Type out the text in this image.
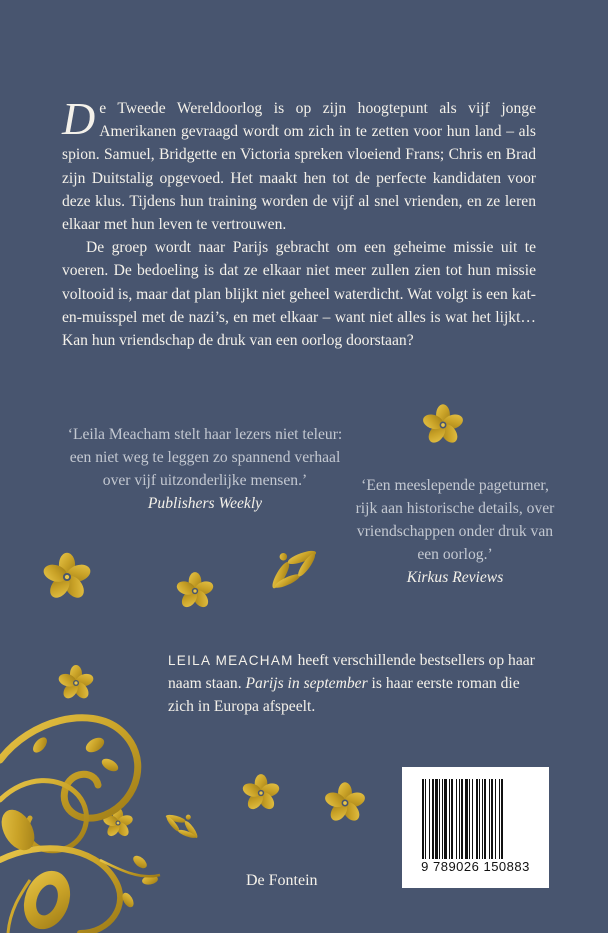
De Tweede Wereldoorlog is op zijn hoogtepunt als vijf jonge Amerikanen gevraagd wordt om zich in te zetten voor hun land – als spion. Samuel, Bridgette en Victoria spreken vloeiend Frans; Chris en Brad zijn Duitstalig opgevoed. Het maakt hen tot de perfecte kandidaten voor deze klus. Tijdens hun training worden de vijf al snel vrienden, en ze leren elkaar met hun leven te vertrouwen.

De groep wordt naar Parijs gebracht om een geheime missie uit te voeren. De bedoeling is dat ze elkaar niet meer zullen zien tot hun missie voltooid is, maar dat plan blijkt niet geheel waterdicht. Wat volgt is een kat-en-muisspel met de nazi’s, en met elkaar – want niet alles is wat het lijkt… Kan hun vriendschap de druk van een oorlog doorstaan?

‘Leila Meacham stelt haar lezers niet teleur: een niet weg te leggen zo spannend verhaal over vijf uitzonderlijke mensen.’
Publishers Weekly
‘Een meeslepende pageturner, rijk aan historische details, over vriendschappen onder druk van een oorlog.’
Kirkus Reviews
LEILA MEACHAM heeft verschillende bestsellers op haar naam staan. Parijs in september is haar eerste roman die zich in Europa afspeelt.
De Fontein
9 789026 150883
